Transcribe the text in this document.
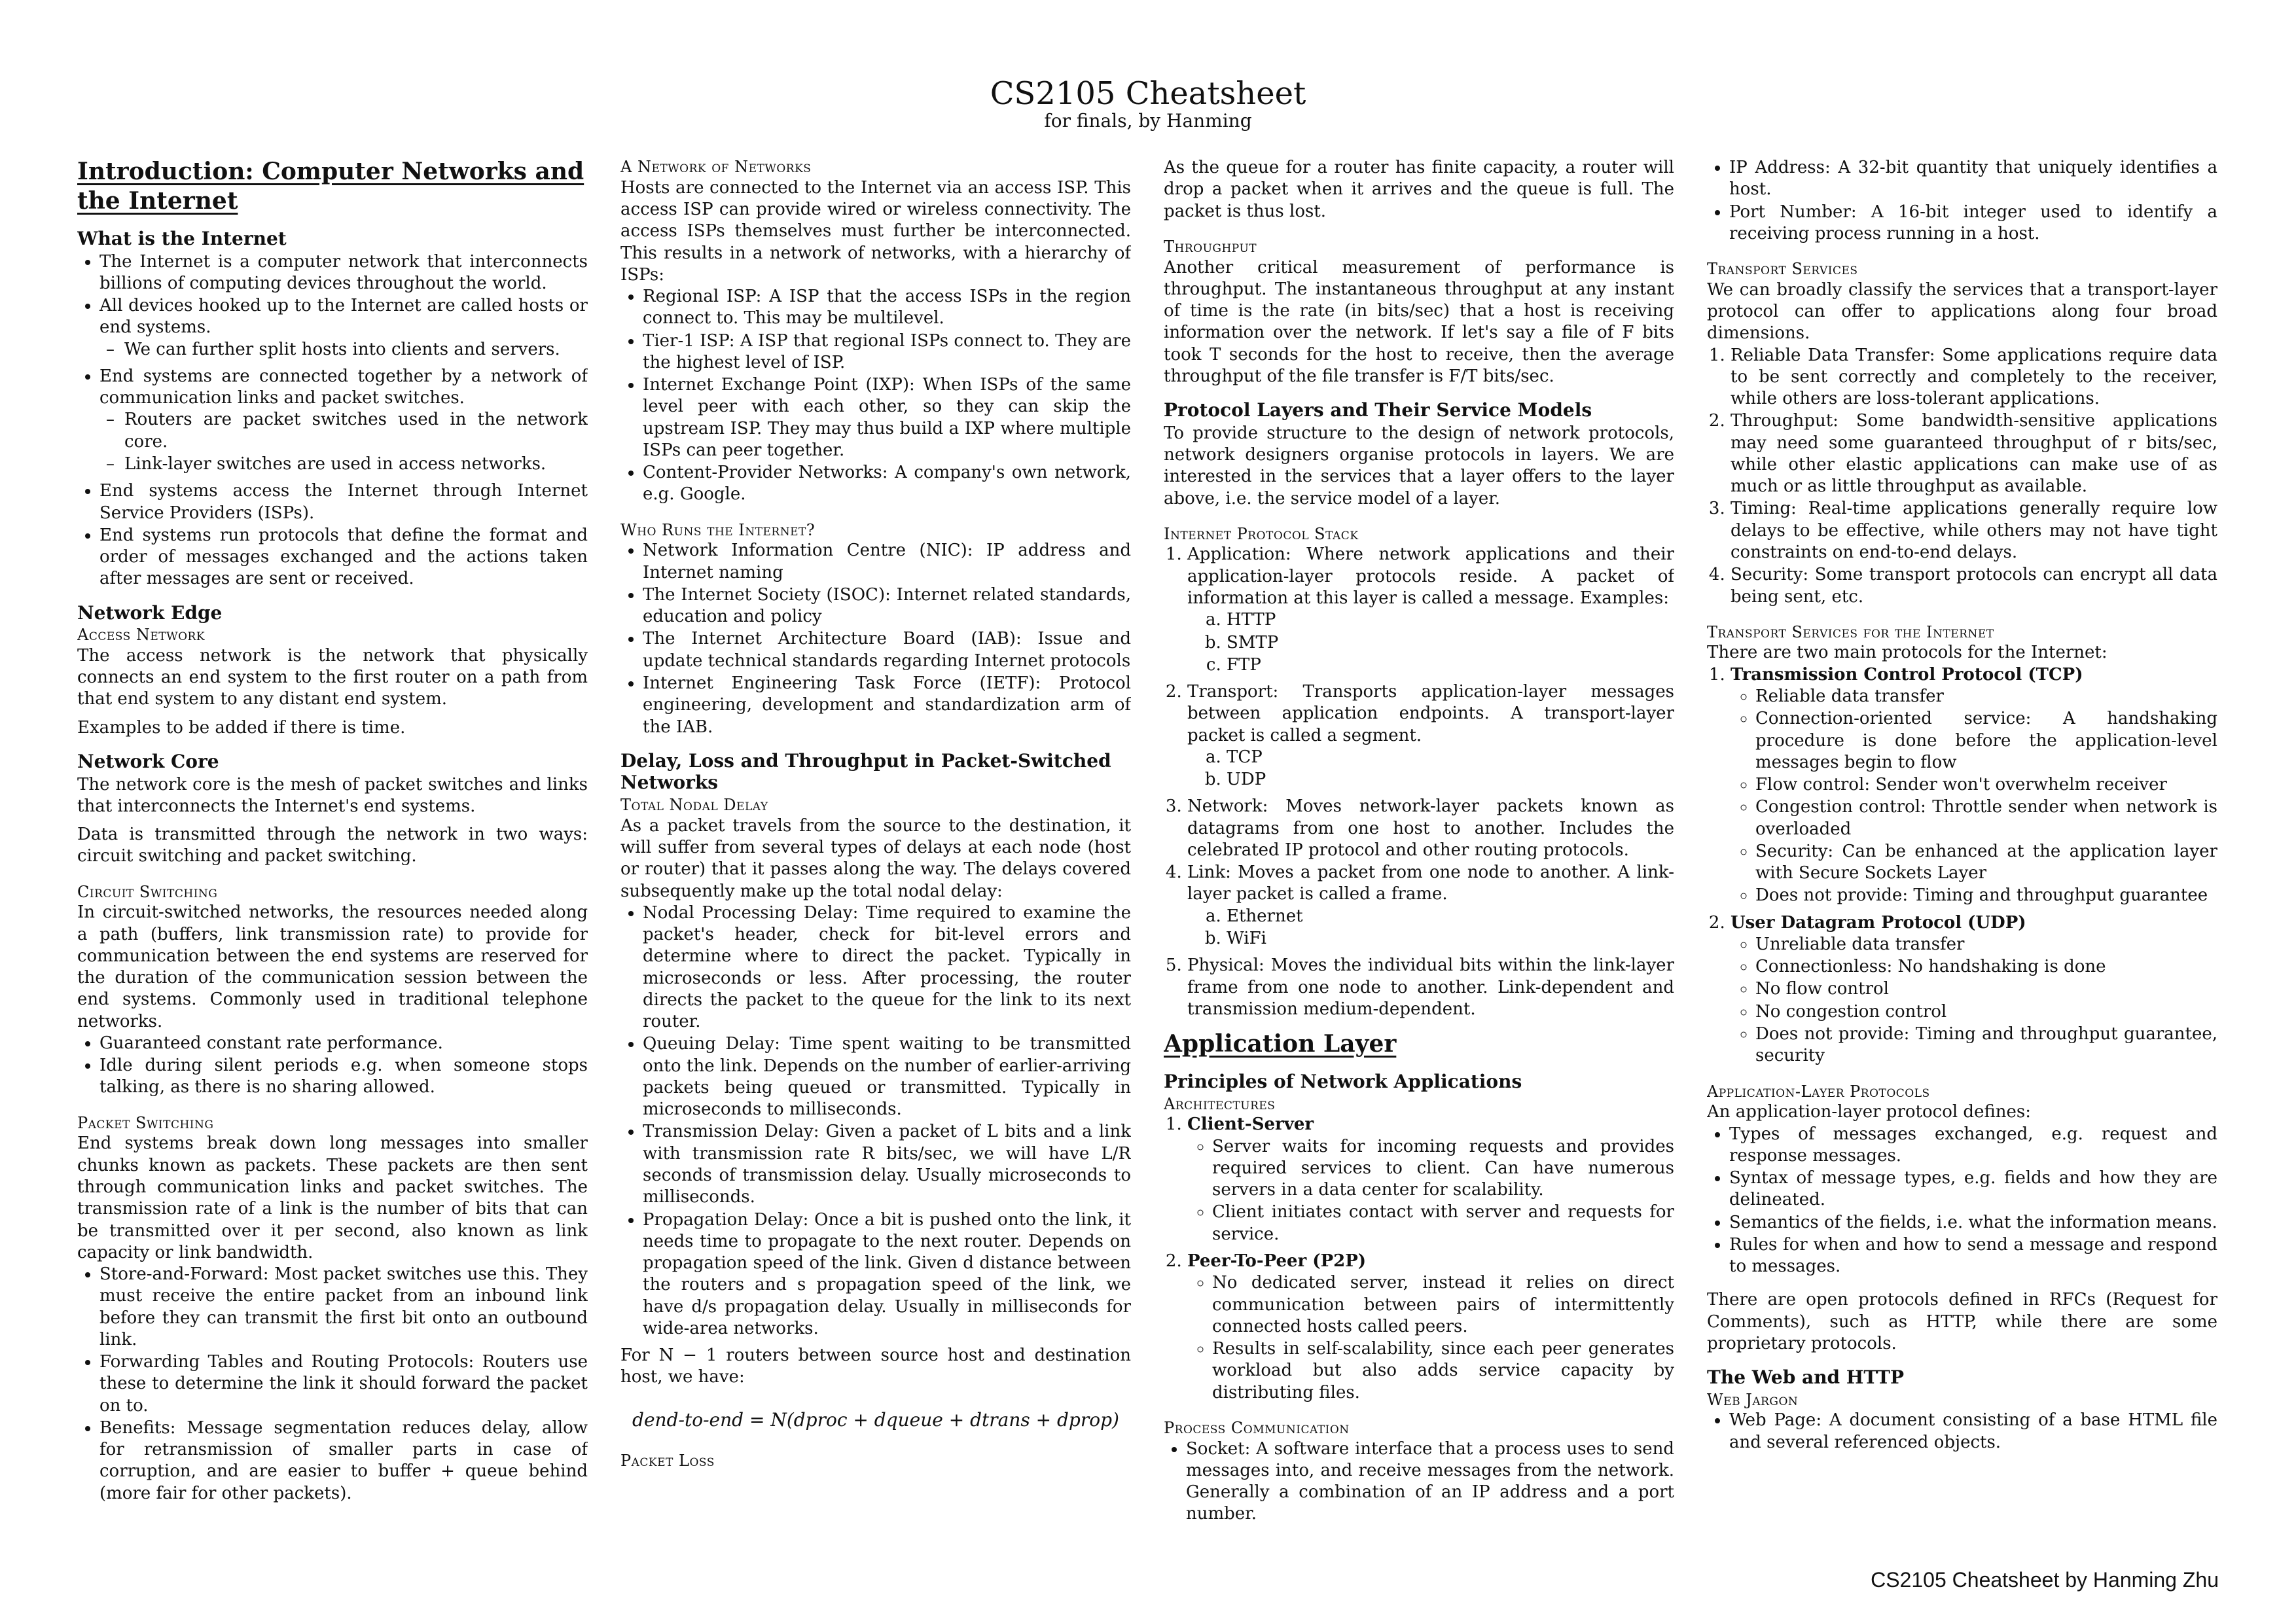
CS2105 Cheatsheet
for finals, by Hanming
Introduction: Computer Networks and the Internet
What is the Internet
• The Internet is a computer network that interconnects billions of computing devices throughout the world.
• All devices hooked up to the Internet are called hosts or end systems.
– We can further split hosts into clients and servers.
• End systems are connected together by a network of communication links and packet switches.
– Routers are packet switches used in the network core.
– Link-layer switches are used in access networks.
• End systems access the Internet through Internet Service Providers (ISPs).
• End systems run protocols that define the format and order of messages exchanged and the actions taken after messages are sent or received.
Network Edge
Access Network

The access network is the network that physically connects an end system to the first router on a path from that end system to any distant end system.

Examples to be added if there is time.

Network Core

The network core is the mesh of packet switches and links that interconnects the Internet's end systems.

Data is transmitted through the network in two ways: circuit switching and packet switching.

Circuit Switching

In circuit-switched networks, the resources needed along a path (buffers, link transmission rate) to provide for communication between the end systems are reserved for the duration of the communication session between the end systems. Commonly used in traditional telephone networks.

• Guaranteed constant rate performance.
• Idle during silent periods e.g. when someone stops talking, as there is no sharing allowed.
Packet Switching

End systems break down long messages into smaller chunks known as packets. These packets are then sent through communication links and packet switches. The transmission rate of a link is the number of bits that can be transmitted over it per second, also known as link capacity or link bandwidth.

• Store-and-Forward: Most packet switches use this. They must receive the entire packet from an inbound link before they can transmit the first bit onto an outbound link.
• Forwarding Tables and Routing Protocols: Routers use these to determine the link it should forward the packet on to.
• Benefits: Message segmentation reduces delay, allow for retransmission of smaller parts in case of corruption, and are easier to buffer + queue behind (more fair for other packets).
A Network of Networks

Hosts are connected to the Internet via an access ISP. This access ISP can provide wired or wireless connectivity. The access ISPs themselves must further be interconnected. This results in a network of networks, with a hierarchy of ISPs:

• Regional ISP: A ISP that the access ISPs in the region connect to. This may be multilevel.
• Tier-1 ISP: A ISP that regional ISPs connect to. They are the highest level of ISP.
• Internet Exchange Point (IXP): When ISPs of the same level peer with each other, so they can skip the upstream ISP. They may thus build a IXP where multiple ISPs can peer together.
• Content-Provider Networks: A company's own network, e.g. Google.
Who Runs the Internet?
• Network Information Centre (NIC): IP address and Internet naming
• The Internet Society (ISOC): Internet related standards, education and policy
• The Internet Architecture Board (IAB): Issue and update technical standards regarding Internet protocols
• Internet Engineering Task Force (IETF): Protocol engineering, development and standardization arm of the IAB.
Delay, Loss and Throughput in Packet-Switched Networks
Total Nodal Delay

As a packet travels from the source to the destination, it will suffer from several types of delays at each node (host or router) that it passes along the way. The delays covered subsequently make up the total nodal delay:

• Nodal Processing Delay: Time required to examine the packet's header, check for bit-level errors and determine where to direct the packet. Typically in microseconds or less. After processing, the router directs the packet to the queue for the link to its next router.
• Queuing Delay: Time spent waiting to be transmitted onto the link. Depends on the number of earlier-arriving packets being queued or transmitted. Typically in microseconds to milliseconds.
• Transmission Delay: Given a packet of L bits and a link with transmission rate R bits/sec, we will have L/R seconds of transmission delay. Usually microseconds to milliseconds.
• Propagation Delay: Once a bit is pushed onto the link, it needs time to propagate to the next router. Depends on propagation speed of the link. Given d distance between the routers and s propagation speed of the link, we have d/s propagation delay. Usually in milliseconds for wide-area networks.

For N − 1 routers between source host and destination host, we have:

dend-to-end = N(dproc + dqueue + dtrans + dprop)
Packet Loss

As the queue for a router has finite capacity, a router will drop a packet when it arrives and the queue is full. The packet is thus lost.

Throughput

Another critical measurement of performance is throughput. The instantaneous throughput at any instant of time is the rate (in bits/sec) that a host is receiving information over the network. If let's say a file of F bits took T seconds for the host to receive, then the average throughput of the file transfer is F/T bits/sec.

Protocol Layers and Their Service Models

To provide structure to the design of network protocols, network designers organise protocols in layers. We are interested in the services that a layer offers to the layer above, i.e. the service model of a layer.

Internet Protocol Stack
1. Application: Where network applications and their application-layer protocols reside. A packet of information at this layer is called a message. Examples:
a. HTTP
b. SMTP
c. FTP
2. Transport: Transports application-layer messages between application endpoints. A transport-layer packet is called a segment.
a. TCP
b. UDP
3. Network: Moves network-layer packets known as datagrams from one host to another. Includes the celebrated IP protocol and other routing protocols.
4. Link: Moves a packet from one node to another. A link-layer packet is called a frame.
a. Ethernet
b. WiFi
5. Physical: Moves the individual bits within the link-layer frame from one node to another. Link-dependent and transmission medium-dependent.
Application Layer
Principles of Network Applications
Architectures
1. Client-Server
◦ Server waits for incoming requests and provides required services to client. Can have numerous servers in a data center for scalability.
◦ Client initiates contact with server and requests for service.
2. Peer-To-Peer (P2P)
◦ No dedicated server, instead it relies on direct communication between pairs of intermittently connected hosts called peers.
◦ Results in self-scalability, since each peer generates workload but also adds service capacity by distributing files.
Process Communication
• Socket: A software interface that a process uses to send messages into, and receive messages from the network. Generally a combination of an IP address and a port number.
• IP Address: A 32-bit quantity that uniquely identifies a host.
• Port Number: A 16-bit integer used to identify a receiving process running in a host.
Transport Services

We can broadly classify the services that a transport-layer protocol can offer to applications along four broad dimensions.

1. Reliable Data Transfer: Some applications require data to be sent correctly and completely to the receiver, while others are loss-tolerant applications.
2. Throughput: Some bandwidth-sensitive applications may need some guaranteed throughput of r bits/sec, while other elastic applications can make use of as much or as little throughput as available.
3. Timing: Real-time applications generally require low delays to be effective, while others may not have tight constraints on end-to-end delays.
4. Security: Some transport protocols can encrypt all data being sent, etc.
Transport Services for the Internet

There are two main protocols for the Internet:

1. Transmission Control Protocol (TCP)
◦ Reliable data transfer
◦ Connection-oriented service: A handshaking procedure is done before the application-level messages begin to flow
◦ Flow control: Sender won't overwhelm receiver
◦ Congestion control: Throttle sender when network is overloaded
◦ Security: Can be enhanced at the application layer with Secure Sockets Layer
◦ Does not provide: Timing and throughput guarantee
2. User Datagram Protocol (UDP)
◦ Unreliable data transfer
◦ Connectionless: No handshaking is done
◦ No flow control
◦ No congestion control
◦ Does not provide: Timing and throughput guarantee, security
Application-Layer Protocols

An application-layer protocol defines:

• Types of messages exchanged, e.g. request and response messages.
• Syntax of message types, e.g. fields and how they are delineated.
• Semantics of the fields, i.e. what the information means.
• Rules for when and how to send a message and respond to messages.

There are open protocols defined in RFCs (Request for Comments), such as HTTP, while there are some proprietary protocols.

The Web and HTTP
Web Jargon
• Web Page: A document consisting of a base HTML file and several referenced objects.
CS2105 Cheatsheet by Hanming Zhu
